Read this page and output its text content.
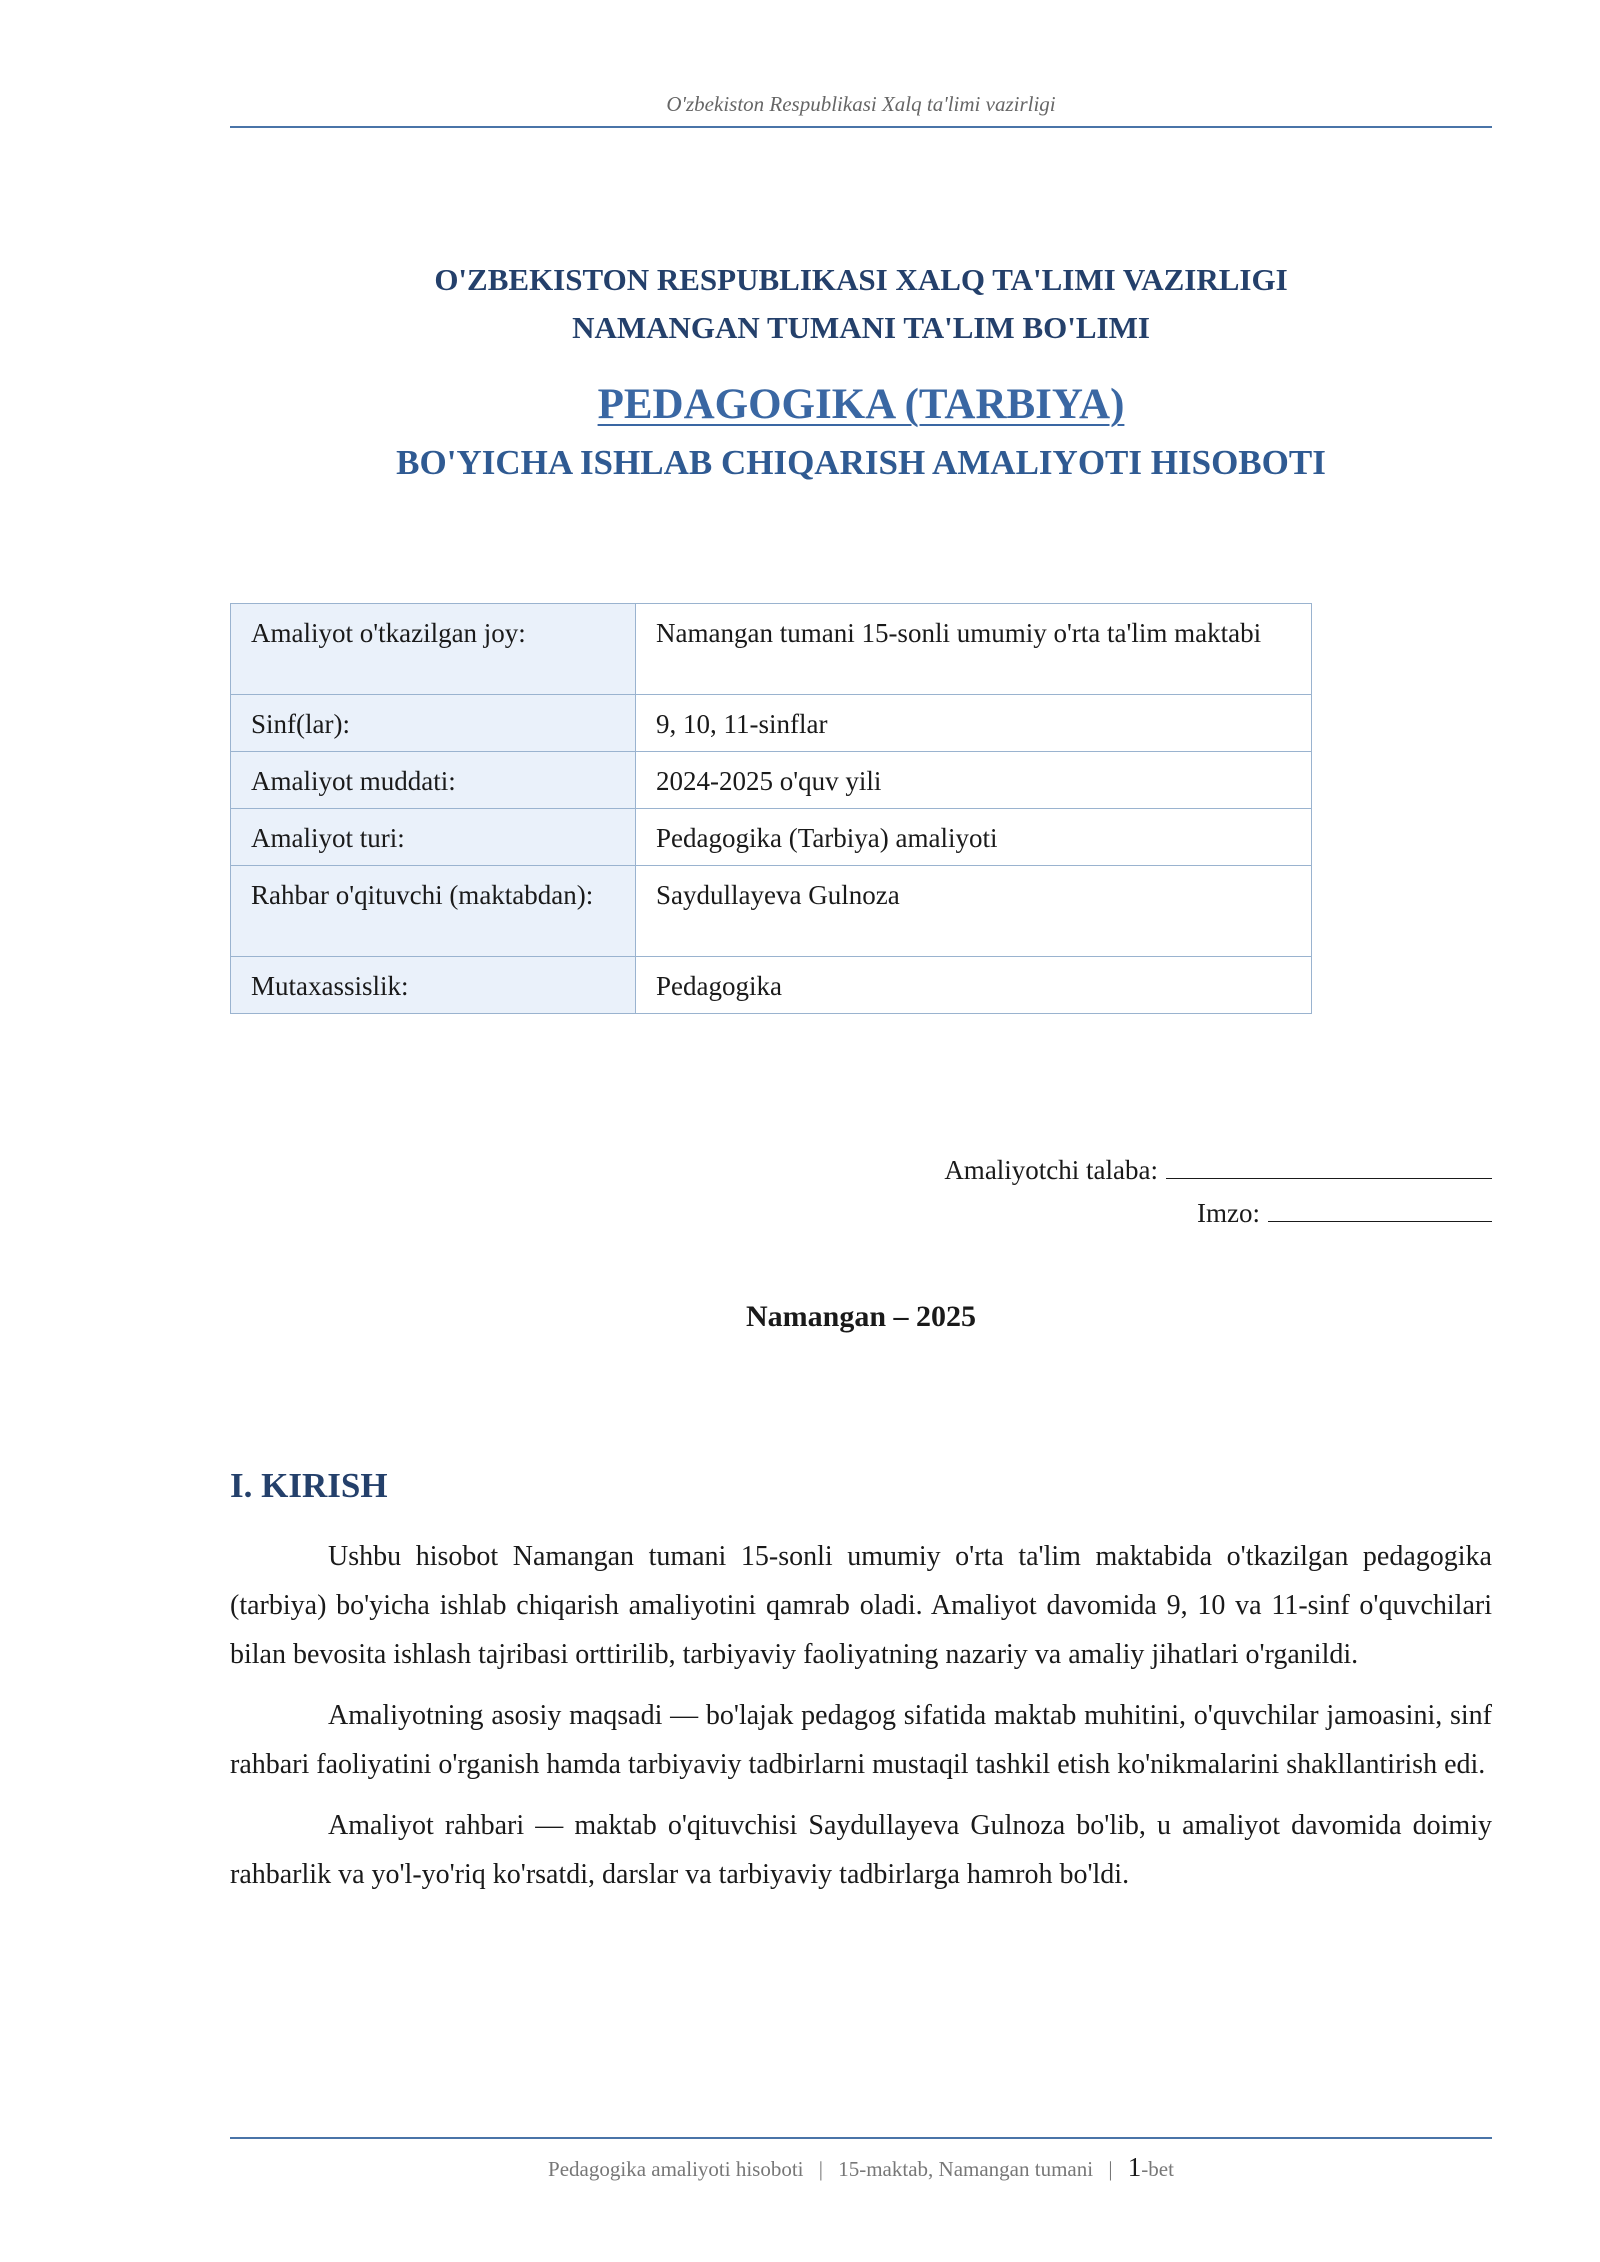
O'zbekiston Respublikasi Xalq ta'limi vazirligi
O'ZBEKISTON RESPUBLIKASI XALQ TA'LIMI VAZIRLIGI
NAMANGAN TUMANI TA'LIM BO'LIMI
PEDAGOGIKA (TARBIYA)
BO'YICHA ISHLAB CHIQARISH AMALIYOTI HISOBOTI
Amaliyot o'tkazilgan joy:	Namangan tumani 15-sonli umumiy o'rta ta'lim maktabi
Sinf(lar):	9, 10, 11-sinflar
Amaliyot muddati:	2024-2025 o'quv yili
Amaliyot turi:	Pedagogika (Tarbiya) amaliyoti
Rahbar o'qituvchi (maktabdan):	Saydullayeva Gulnoza
Mutaxassislik:	Pedagogika
Amaliyotchi talaba:
Imzo:
Namangan – 2025
I. KIRISH

Ushbu hisobot Namangan tumani 15-sonli umumiy o'rta ta'lim maktabida o'tkazilgan pedagogika (tarbiya) bo'yicha ishlab chiqarish amaliyotini qamrab oladi. Amaliyot davomida 9, 10 va 11-sinf o'quvchilari bilan bevosita ishlash tajribasi orttirilib, tarbiyaviy faoliyatning nazariy va amaliy jihatlari o'rganildi.

Amaliyotning asosiy maqsadi — bo'lajak pedagog sifatida maktab muhitini, o'quvchilar jamoasini, sinf rahbari faoliyatini o'rganish hamda tarbiyaviy tadbirlarni mustaqil tashkil etish ko'nikmalarini shakllantirish edi.

Amaliyot rahbari — maktab o'qituvchisi Saydullayeva Gulnoza bo'lib, u amaliyot davomida doimiy rahbarlik va yo'l-yo'riq ko'rsatdi, darslar va tarbiyaviy tadbirlarga hamroh bo'ldi.

Pedagogika amaliyoti hisoboti | 15-maktab, Namangan tumani | 1-bet
